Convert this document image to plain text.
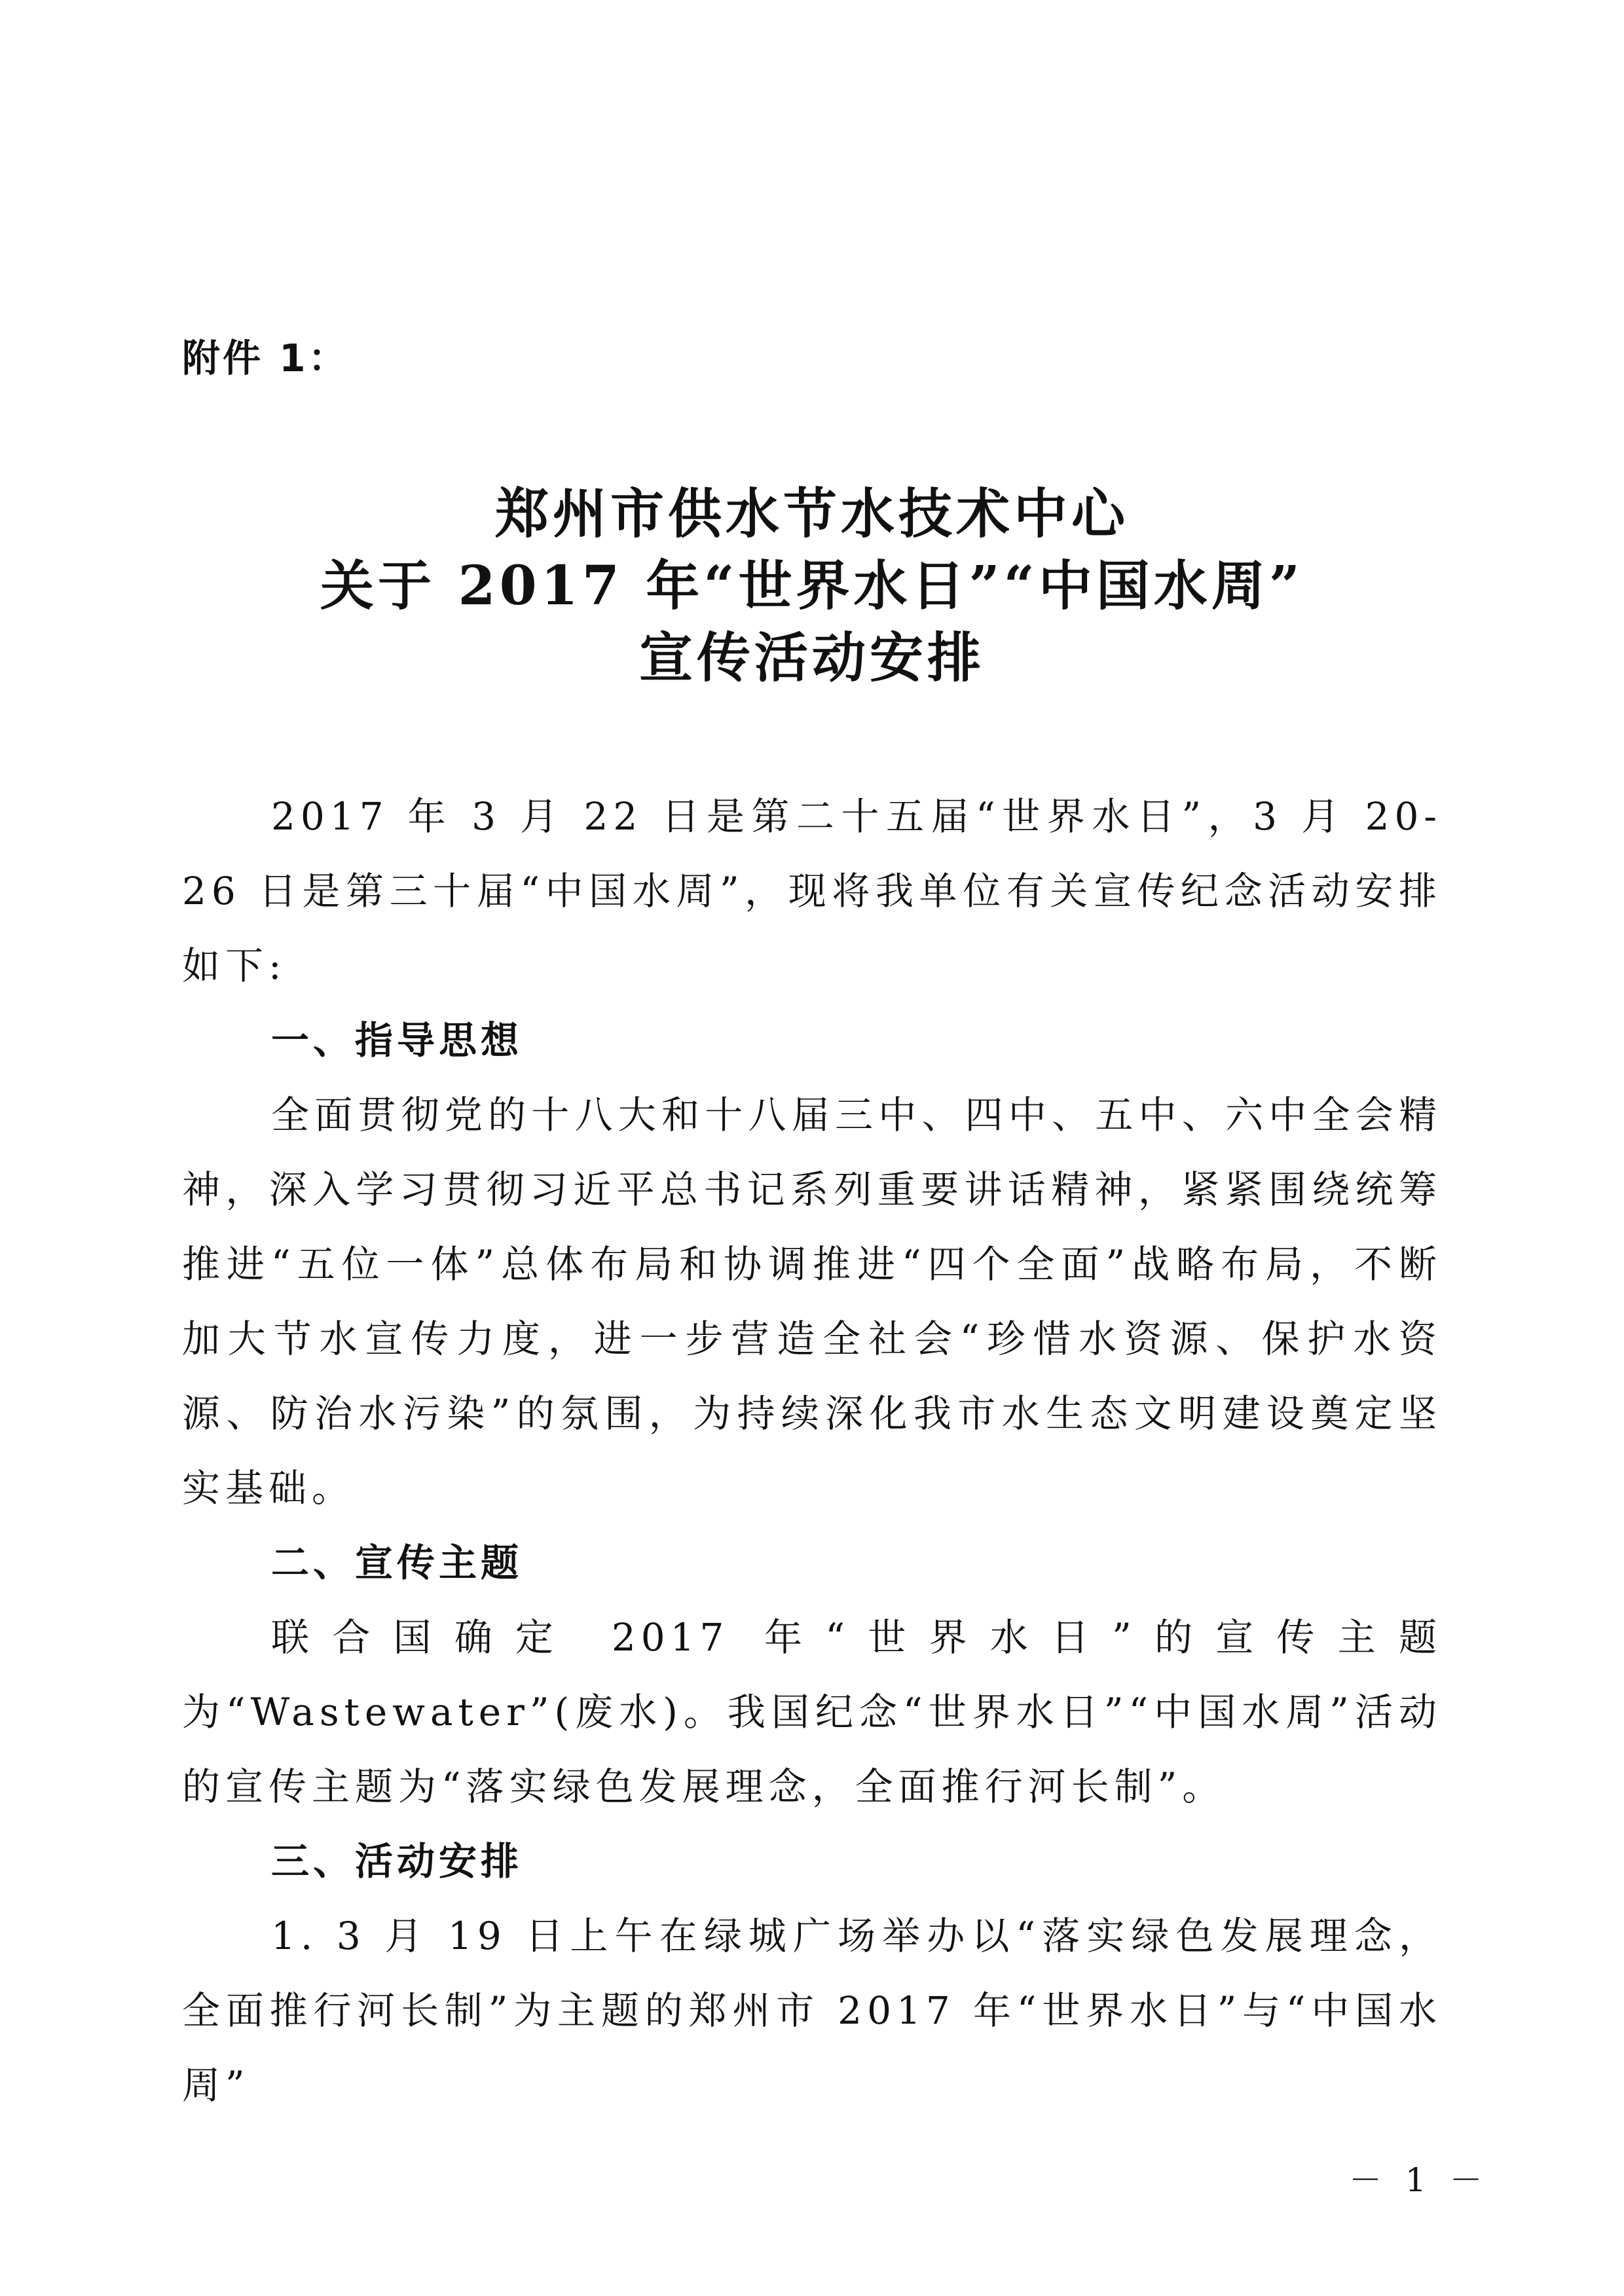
附件 1：
郑州市供水节水技术中心
关于 2017 年“世界水日”“中国水周”
宣传活动安排

2017 年 3 月 22 日是第二十五届“世界水日”，3 月 20-26 日是第三十届“中国水周”，现将我单位有关宣传纪念活动安排如下:

一、指导思想

全面贯彻党的十八大和十八届三中、四中、五中、六中全会精神，深入学习贯彻习近平总书记系列重要讲话精神，紧紧围绕统筹推进“五位一体”总体布局和协调推进“四个全面”战略布局，不断加大节水宣传力度，进一步营造全社会“珍惜水资源、保护水资源、防治水污染”的氛围，为持续深化我市水生态文明建设奠定坚实基础。

二、宣传主题

联合国确定 2017 年“世界水日”的宣传主题为“Wastewater”(废水)。我国纪念“世界水日”“中国水周”活动的宣传主题为“落实绿色发展理念，全面推行河长制”。

三、活动安排

1. 3 月 19 日上午在绿城广场举办以“落实绿色发展理念，全面推行河长制”为主题的郑州市 2017 年“世界水日”与“中国水周”

－ 1 －
